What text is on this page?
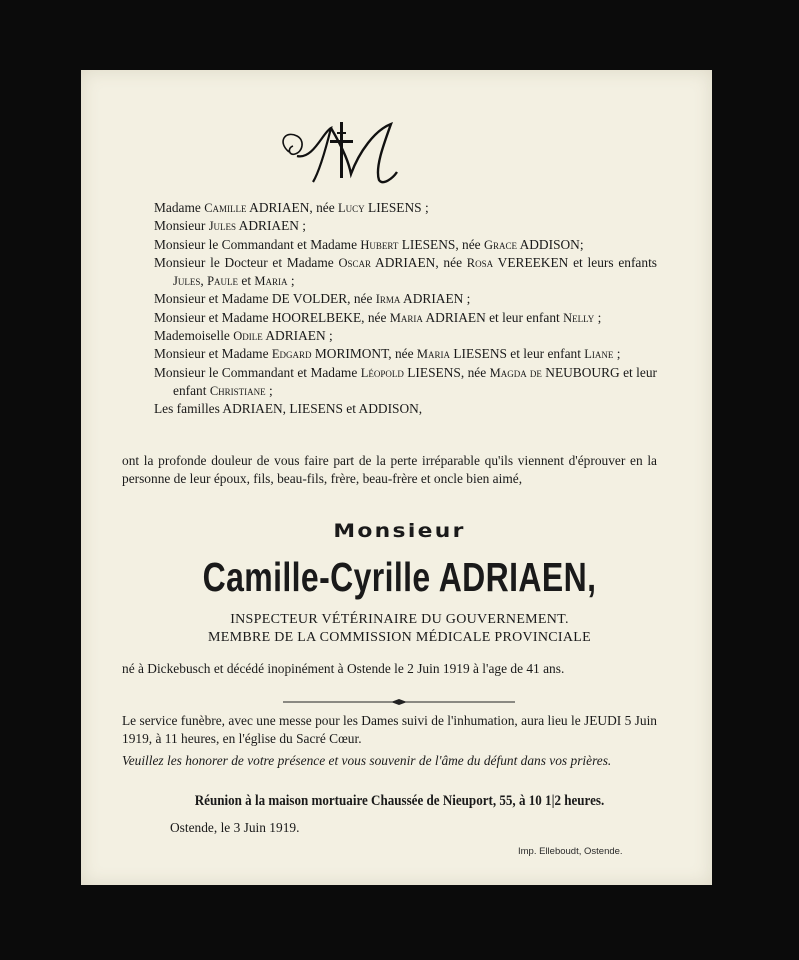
Madame Camille ADRIAEN, née Lucy LIESENS ;

Monsieur Jules ADRIAEN ;

Monsieur le Commandant et Madame Hubert LIESENS, née Grace ADDISON;

Monsieur le Docteur et Madame Oscar ADRIAEN, née Rosa VEREEKEN et leurs enfants Jules, Paule et Maria ;

Monsieur et Madame DE VOLDER, née Irma ADRIAEN ;

Monsieur et Madame HOORELBEKE, née Maria ADRIAEN et leur enfant Nelly ;

Mademoiselle Odile ADRIAEN ;

Monsieur et Madame Edgard MORIMONT, née Maria LIESENS et leur enfant Liane ;

Monsieur le Commandant et Madame Léopold LIESENS, née Magda de NEUBOURG et leur enfant Christiane ;

Les familles ADRIAEN, LIESENS et ADDISON,

ont la profonde douleur de vous faire part de la perte irréparable qu'ils viennent d'éprouver en la personne de leur époux, fils, beau-fils, frère, beau-frère et oncle bien aimé,

Monsieur
Camille-Cyrille ADRIAEN,

INSPECTEUR VÉTÉRINAIRE DU GOUVERNEMENT.

MEMBRE DE LA COMMISSION MÉDICALE PROVINCIALE

né à Dickebusch et décédé inopinément à Ostende le 2 Juin 1919 à l'age de 41 ans.

Le service funèbre, avec une messe pour les Dames suivi de l'inhumation, aura lieu le JEUDI 5 Juin 1919, à 11 heures, en l'église du Sacré Cœur.

Veuillez les honorer de votre présence et vous souvenir de l'âme du défunt dans vos prières.
Réunion à la maison mortuaire Chaussée de Nieuport, 55, à 10 1|2 heures.
Ostende, le 3 Juin 1919.
Imp. Elleboudt, Ostende.
